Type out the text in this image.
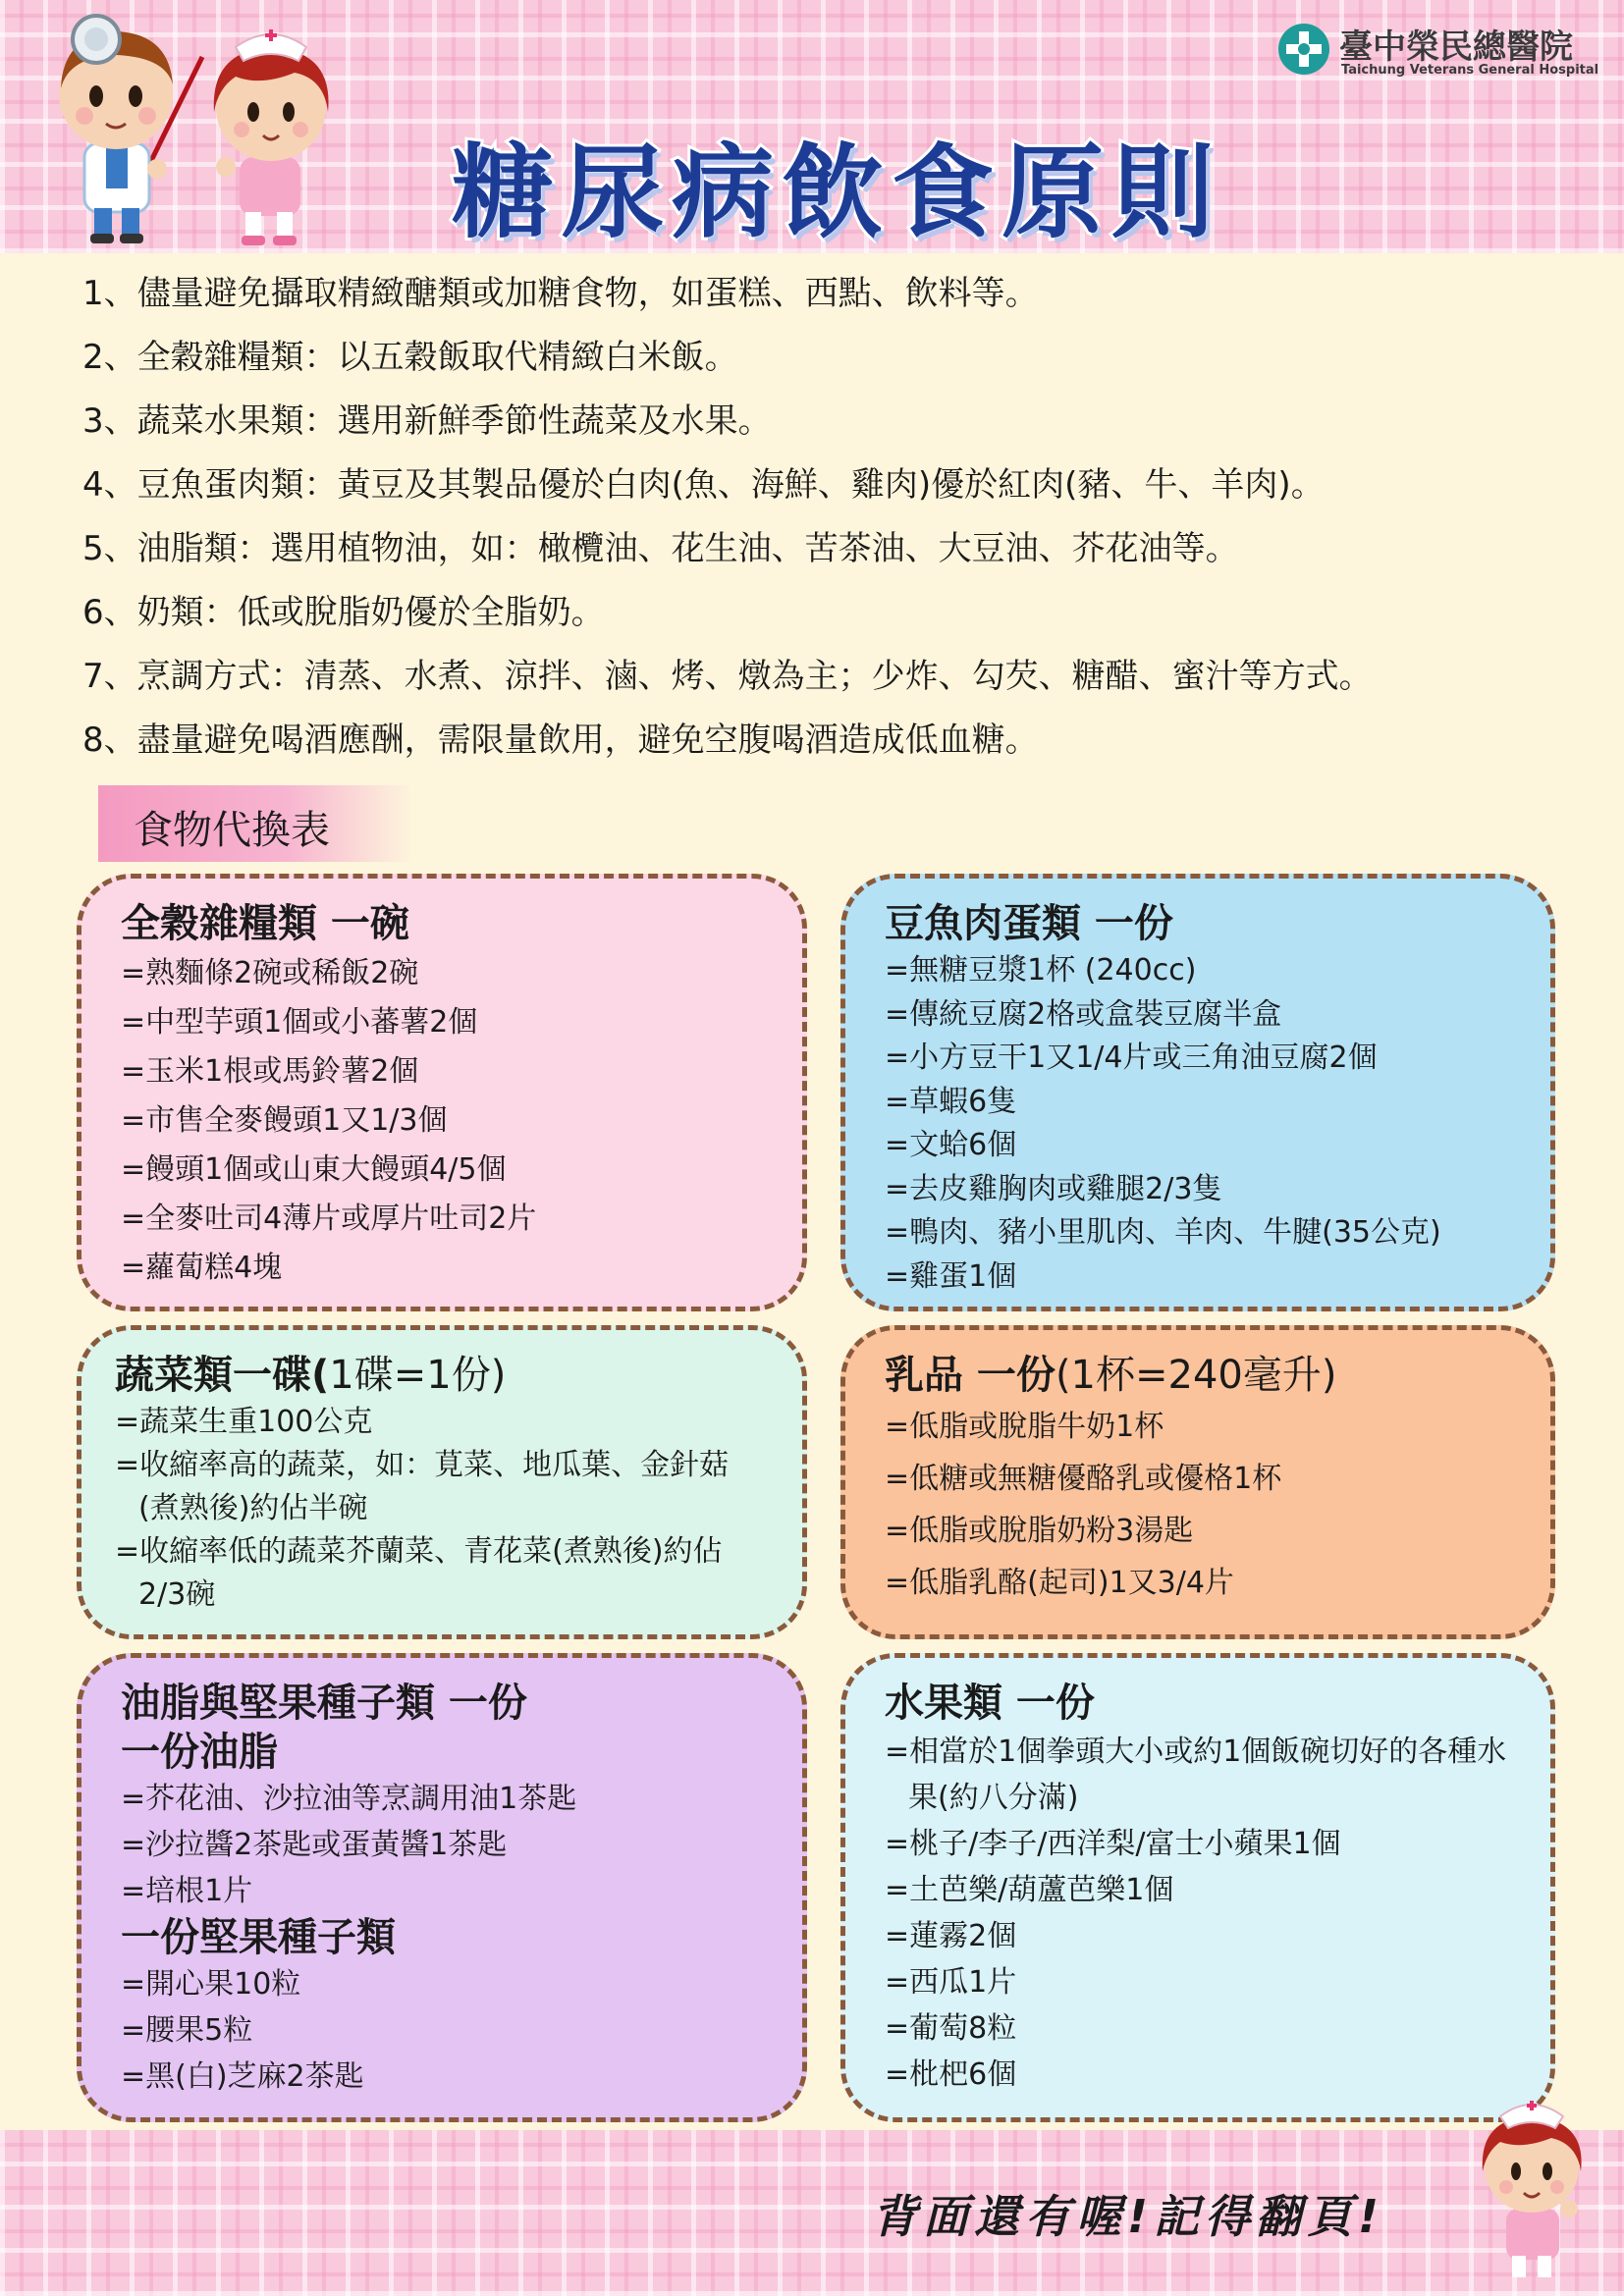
糖尿病飲食原則
臺中榮民總醫院
Taichung Veterans General Hospital
1、儘量避免攝取精緻醣類或加糖食物，如蛋糕、西點、飲料等。
2、全穀雜糧類：以五穀飯取代精緻白米飯。
3、蔬菜水果類：選用新鮮季節性蔬菜及水果。
4、豆魚蛋肉類：黃豆及其製品優於白肉(魚、海鮮、雞肉)優於紅肉(豬、牛、羊肉)。
5、油脂類：選用植物油，如：橄欖油、花生油、苦茶油、大豆油、芥花油等。
6、奶類：低或脫脂奶優於全脂奶。
7、烹調方式：清蒸、水煮、涼拌、滷、烤、燉為主；少炸、勾芡、糖醋、蜜汁等方式。
8、盡量避免喝酒應酬，需限量飲用，避免空腹喝酒造成低血糖。
食物代換表
全穀雜糧類 一碗
=熟麵條2碗或稀飯2碗
=中型芋頭1個或小蕃薯2個
=玉米1根或馬鈴薯2個
=市售全麥饅頭1又1/3個
=饅頭1個或山東大饅頭4/5個
=全麥吐司4薄片或厚片吐司2片
=蘿蔔糕4塊
豆魚肉蛋類 一份
=無糖豆漿1杯 (240cc)
=傳統豆腐2格或盒裝豆腐半盒
=小方豆干1又1/4片或三角油豆腐2個
=草蝦6隻
=文蛤6個
=去皮雞胸肉或雞腿2/3隻
=鴨肉、豬小里肌肉、羊肉、牛腱(35公克)
=雞蛋1個
蔬菜類一碟(1碟=1份)
=蔬菜生重100公克
=收縮率高的蔬菜，如：莧菜、地瓜葉、金針菇(煮熟後)約佔半碗
=收縮率低的蔬菜芥蘭菜、青花菜(煮熟後)約佔2/3碗
乳品 一份(1杯=240毫升)
=低脂或脫脂牛奶1杯
=低糖或無糖優酪乳或優格1杯
=低脂或脫脂奶粉3湯匙
=低脂乳酪(起司)1又3/4片
油脂與堅果種子類 一份
一份油脂
=芥花油、沙拉油等烹調用油1茶匙
=沙拉醬2茶匙或蛋黃醬1茶匙
=培根1片
一份堅果種子類
=開心果10粒
=腰果5粒
=黑(白)芝麻2茶匙
水果類 一份
=相當於1個拳頭大小或約1個飯碗切好的各種水果(約八分滿)
=桃子/李子/西洋梨/富士小蘋果1個
=土芭樂/葫蘆芭樂1個
=蓮霧2個
=西瓜1片
=葡萄8粒
=枇杷6個
背面還有喔!記得翻頁!
